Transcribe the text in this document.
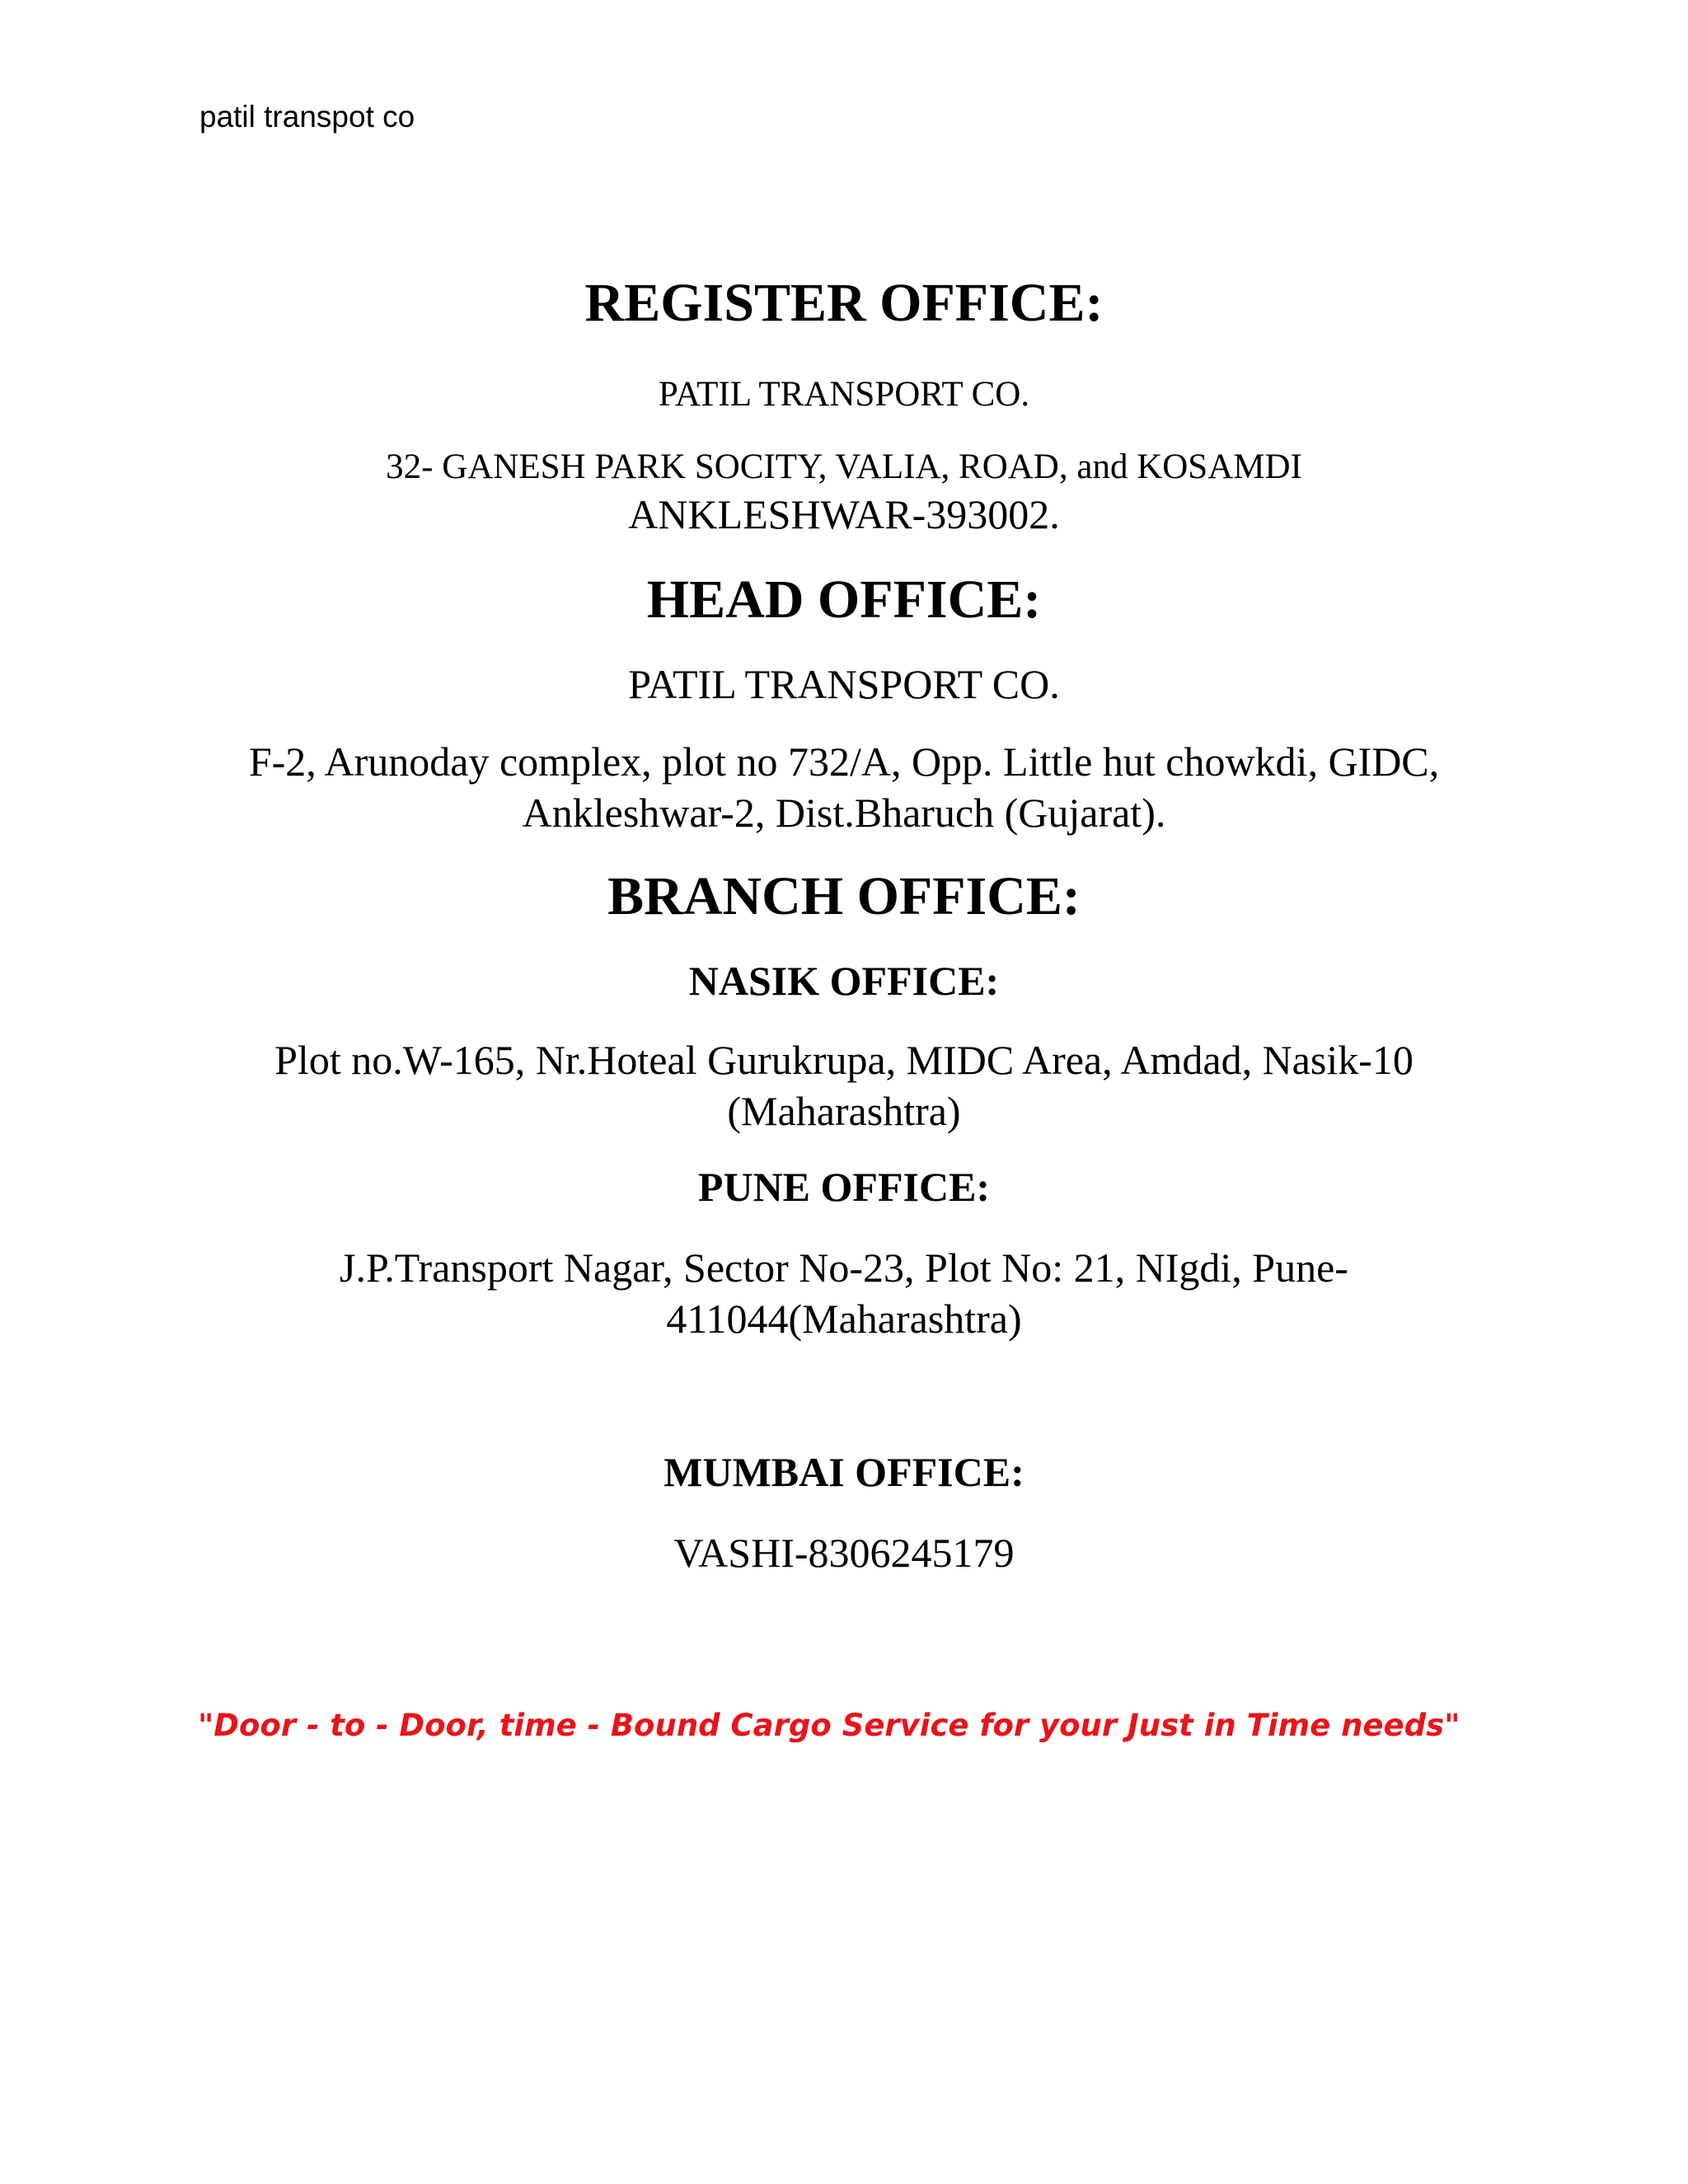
patil transpot co
REGISTER OFFICE:
PATIL TRANSPORT CO.
32- GANESH PARK SOCITY, VALIA, ROAD, and KOSAMDI
ANKLESHWAR-393002.
HEAD OFFICE:
PATIL TRANSPORT CO.
F-2, Arunoday complex, plot no 732/A, Opp. Little hut chowkdi, GIDC,
Ankleshwar-2, Dist.Bharuch (Gujarat).
BRANCH OFFICE:
NASIK OFFICE:
Plot no.W-165, Nr.Hoteal Gurukrupa, MIDC Area, Amdad, Nasik-10
(Maharashtra)
PUNE OFFICE:
J.P.Transport Nagar, Sector No-23, Plot No: 21, NIgdi, Pune-
411044(Maharashtra)
MUMBAI OFFICE:
VASHI-8306245179
"Door - to - Door, time - Bound Cargo Service for your Just in Time needs"
